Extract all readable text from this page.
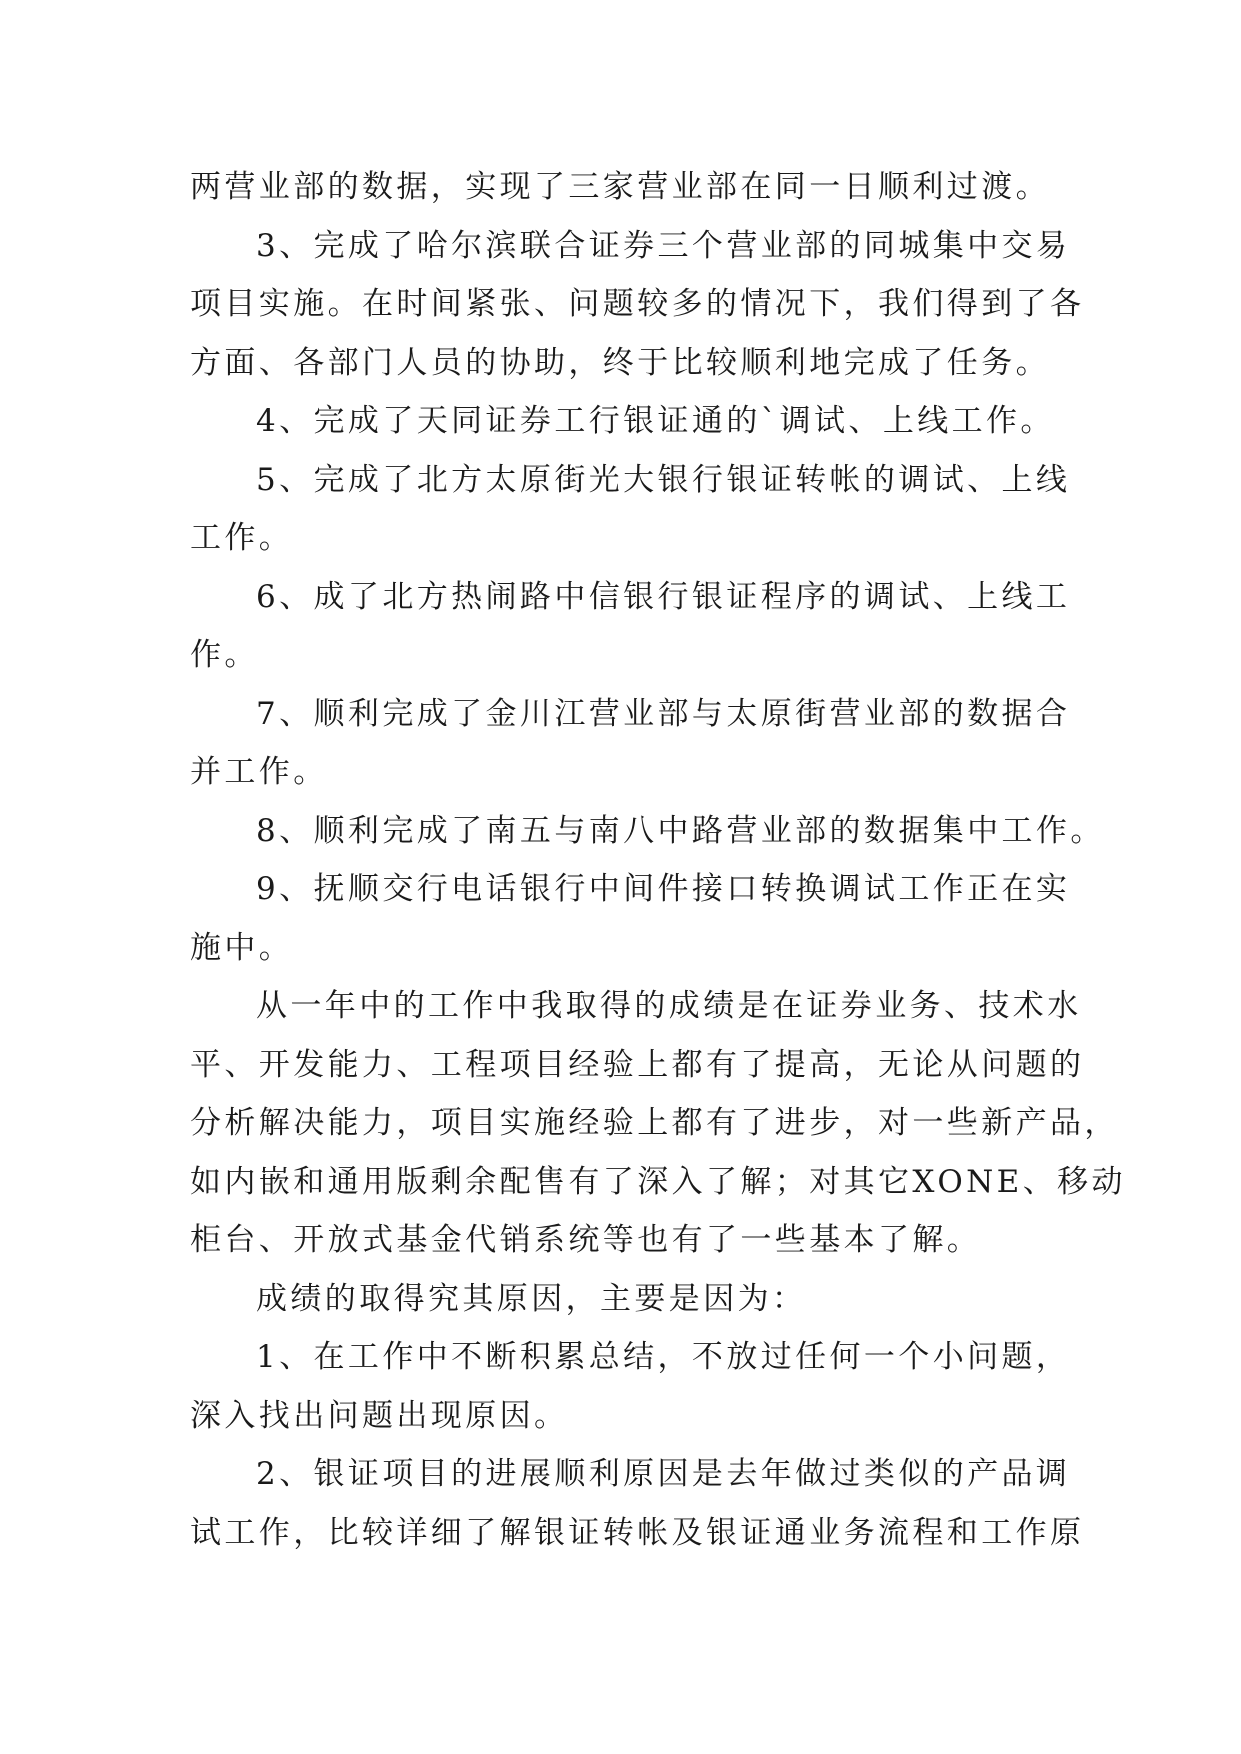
两营业部的数据，实现了三家营业部在同一日顺利过渡。
3、完成了哈尔滨联合证券三个营业部的同城集中交易
项目实施。在时间紧张、问题较多的情况下，我们得到了各
方面、各部门人员的协助，终于比较顺利地完成了任务。
4、完成了天同证券工行银证通的`调试、上线工作。
5、完成了北方太原街光大银行银证转帐的调试、上线
工作。
6、成了北方热闹路中信银行银证程序的调试、上线工
作。
7、顺利完成了金川江营业部与太原街营业部的数据合
并工作。
8、顺利完成了南五与南八中路营业部的数据集中工作。
9、抚顺交行电话银行中间件接口转换调试工作正在实
施中。
从一年中的工作中我取得的成绩是在证券业务、技术水
平、开发能力、工程项目经验上都有了提高，无论从问题的
分析解决能力，项目实施经验上都有了进步，对一些新产品，
如内嵌和通用版剩余配售有了深入了解；对其它XONE、移动
柜台、开放式基金代销系统等也有了一些基本了解。
成绩的取得究其原因，主要是因为：
1、在工作中不断积累总结，不放过任何一个小问题，
深入找出问题出现原因。
2、银证项目的进展顺利原因是去年做过类似的产品调
试工作，比较详细了解银证转帐及银证通业务流程和工作原
